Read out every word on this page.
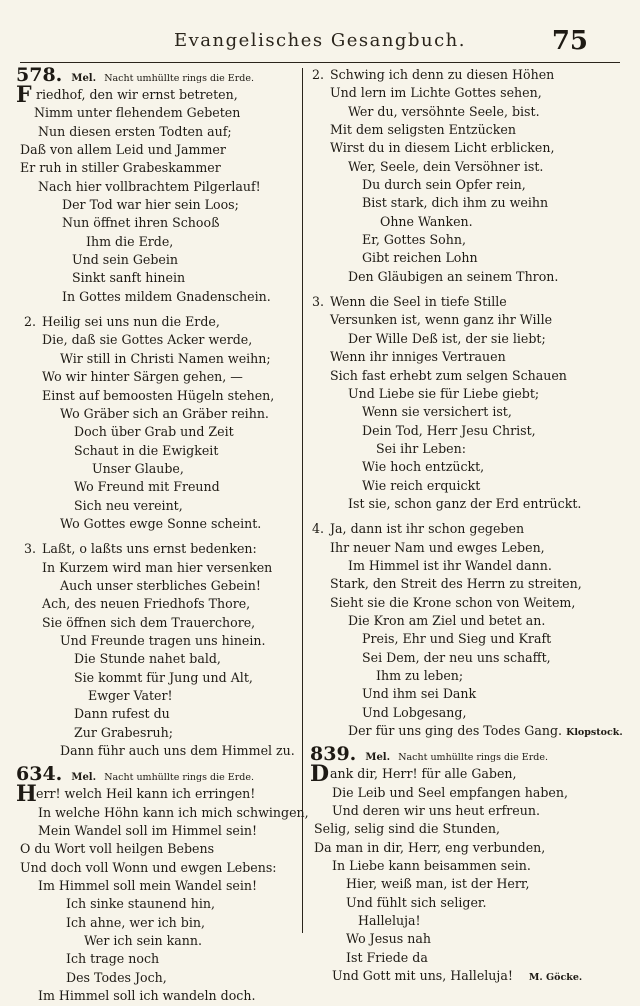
Evangelisches Gesangbuch.	75
578. Mel. Nacht umhüllte rings die Erde.
Friedhof, den wir ernst betreten,
Nimm unter flehendem Gebeten
Nun diesen ersten Todten auf;
Daß von allem Leid und Jammer
Er ruh in stiller Grabeskammer
Nach hier vollbrachtem Pilgerlauf!
Der Tod war hier sein Loos;
Nun öffnet ihren Schooß
Ihm die Erde,
Und sein Gebein
Sinkt sanft hinein
In Gottes mildem Gnadenschein.
2. Heilig sei uns nun die Erde,
Die, daß sie Gottes Acker werde,
Wir still in Christi Namen weihn;
Wo wir hinter Särgen gehen, —
Einst auf bemoosten Hügeln stehen,
Wo Gräber sich an Gräber reihn.
Doch über Grab und Zeit
Schaut in die Ewigkeit
Unser Glaube,
Wo Freund mit Freund
Sich neu vereint,
Wo Gottes ewge Sonne scheint.
3. Laßt, o laßts uns ernst bedenken:
In Kurzem wird man hier versenken
Auch unser sterbliches Gebein!
Ach, des neuen Friedhofs Thore,
Sie öffnen sich dem Trauerchore,
Und Freunde tragen uns hinein.
Die Stunde nahet bald,
Sie kommt für Jung und Alt,
Ewger Vater!
Dann rufest du
Zur Grabesruh;
Dann führ auch uns dem Himmel zu.
634. Mel. Nacht umhüllte rings die Erde.
Herr! welch Heil kann ich erringen!
In welche Höhn kann ich mich schwingen,
Mein Wandel soll im Himmel sein!
O du Wort voll heilgen Bebens
Und doch voll Wonn und ewgen Lebens:
Im Himmel soll mein Wandel sein!
Ich sinke staunend hin,
Ich ahne, wer ich bin,
Wer ich sein kann.
Ich trage noch
Des Todes Joch,
Im Himmel soll ich wandeln doch.
2. Schwing ich denn zu diesen Höhen
Und lern im Lichte Gottes sehen,
Wer du, versöhnte Seele, bist.
Mit dem seligsten Entzücken
Wirst du in diesem Licht erblicken,
Wer, Seele, dein Versöhner ist.
Du durch sein Opfer rein,
Bist stark, dich ihm zu weihn
Ohne Wanken.
Er, Gottes Sohn,
Gibt reichen Lohn
Den Gläubigen an seinem Thron.
3. Wenn die Seel in tiefe Stille
Versunken ist, wenn ganz ihr Wille
Der Wille Deß ist, der sie liebt;
Wenn ihr inniges Vertrauen
Sich fast erhebt zum selgen Schauen
Und Liebe sie für Liebe giebt;
Wenn sie versichert ist,
Dein Tod, Herr Jesu Christ,
Sei ihr Leben:
Wie hoch entzückt,
Wie reich erquickt
Ist sie, schon ganz der Erd entrückt.
4. Ja, dann ist ihr schon gegeben
Ihr neuer Nam und ewges Leben,
Im Himmel ist ihr Wandel dann.
Stark, den Streit des Herrn zu streiten,
Sieht sie die Krone schon von Weitem,
Die Kron am Ziel und betet an.
Preis, Ehr und Sieg und Kraft
Sei Dem, der neu uns schafft,
Ihm zu leben;
Und ihm sei Dank
Und Lobgesang,
Der für uns ging des Todes Gang. Klopstock.
839. Mel. Nacht umhüllte rings die Erde.
Dank dir, Herr! für alle Gaben,
Die Leib und Seel empfangen haben,
Und deren wir uns heut erfreun.
Selig, selig sind die Stunden,
Da man in dir, Herr, eng verbunden,
In Liebe kann beisammen sein.
Hier, weiß man, ist der Herr,
Und fühlt sich seliger.
Halleluja!
Wo Jesus nah
Ist Friede da
Und Gott mit uns, Halleluja! M. Göcke.
